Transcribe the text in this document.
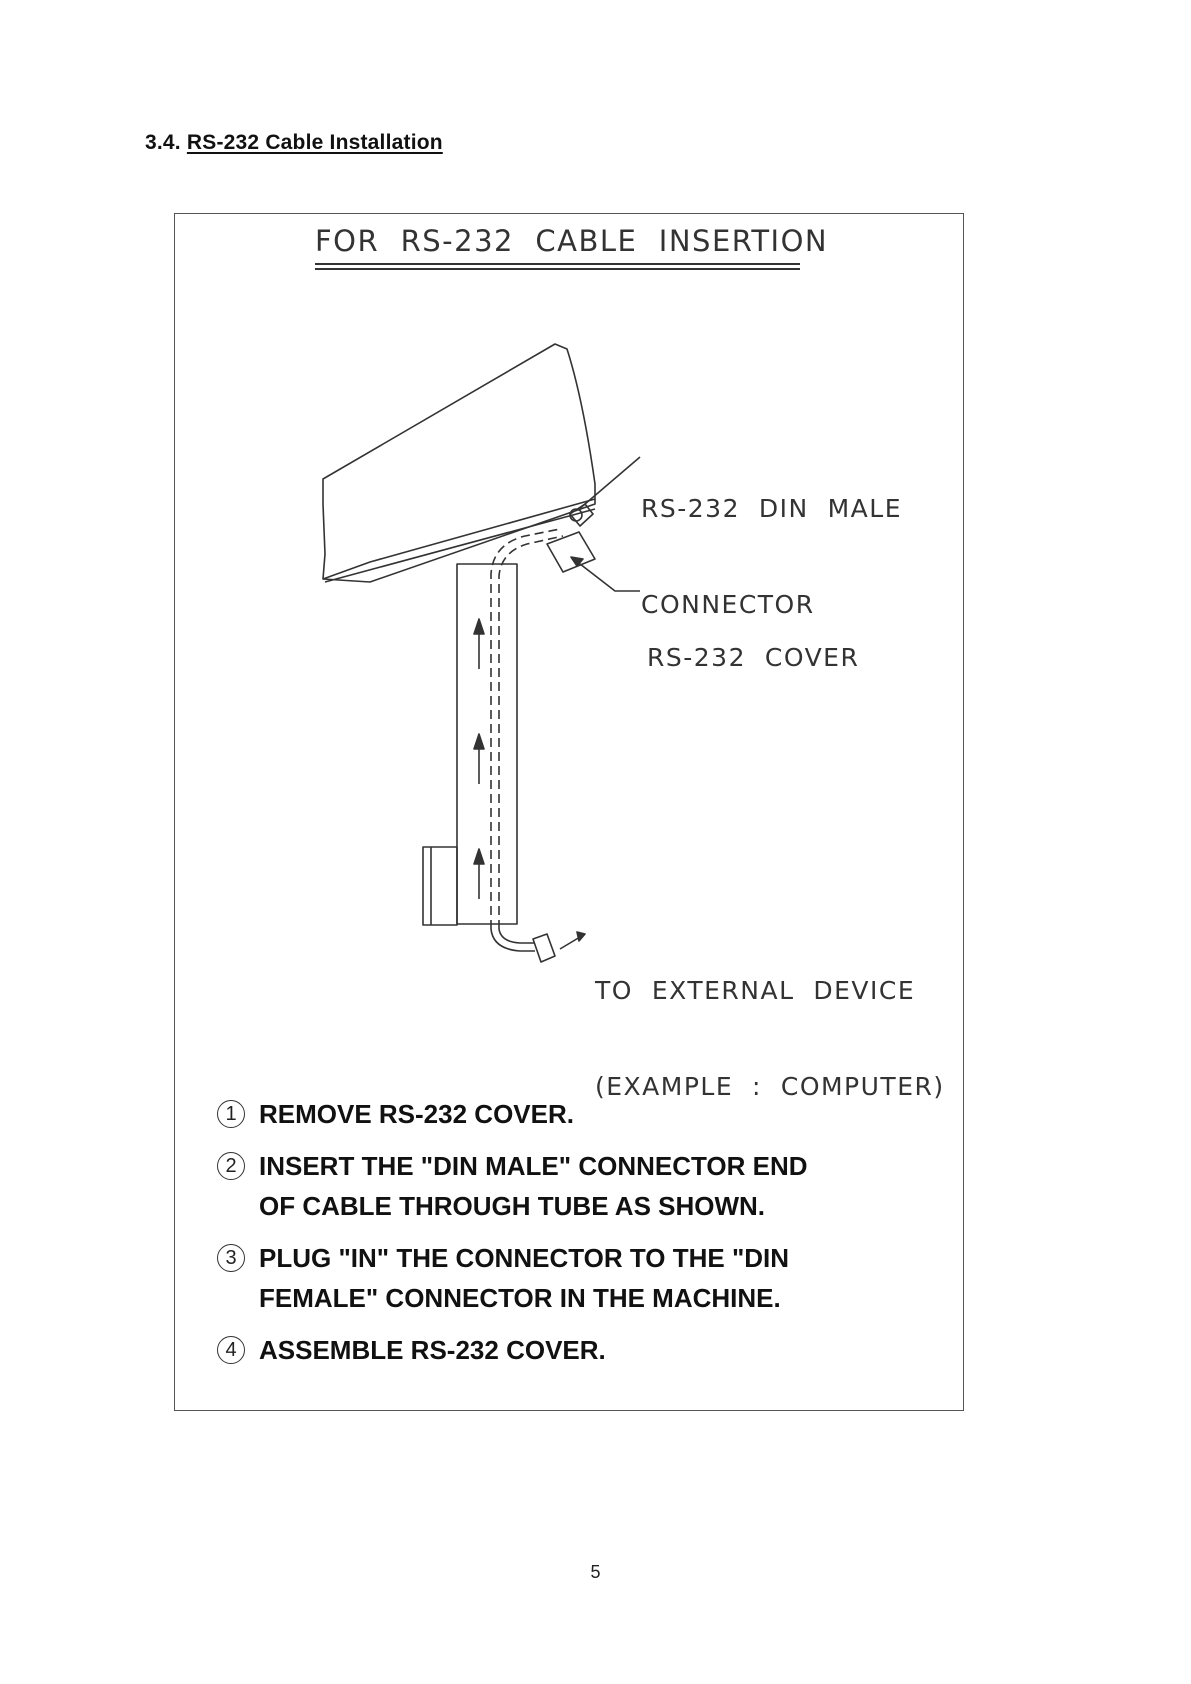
3.4. RS-232 Cable Installation
FOR  RS-232  CABLE  INSERTION

RS-232  DIN  MALE

CONNECTOR

RS-232  COVER

TO  EXTERNAL  DEVICE

(EXAMPLE  :  COMPUTER)

1 REMOVE RS-232 COVER.
2 INSERT THE "DIN MALE" CONNECTOR END
OF CABLE THROUGH TUBE AS SHOWN.
3 PLUG "IN" THE CONNECTOR TO THE "DIN
FEMALE" CONNECTOR IN THE MACHINE.
4 ASSEMBLE RS-232 COVER.
5
